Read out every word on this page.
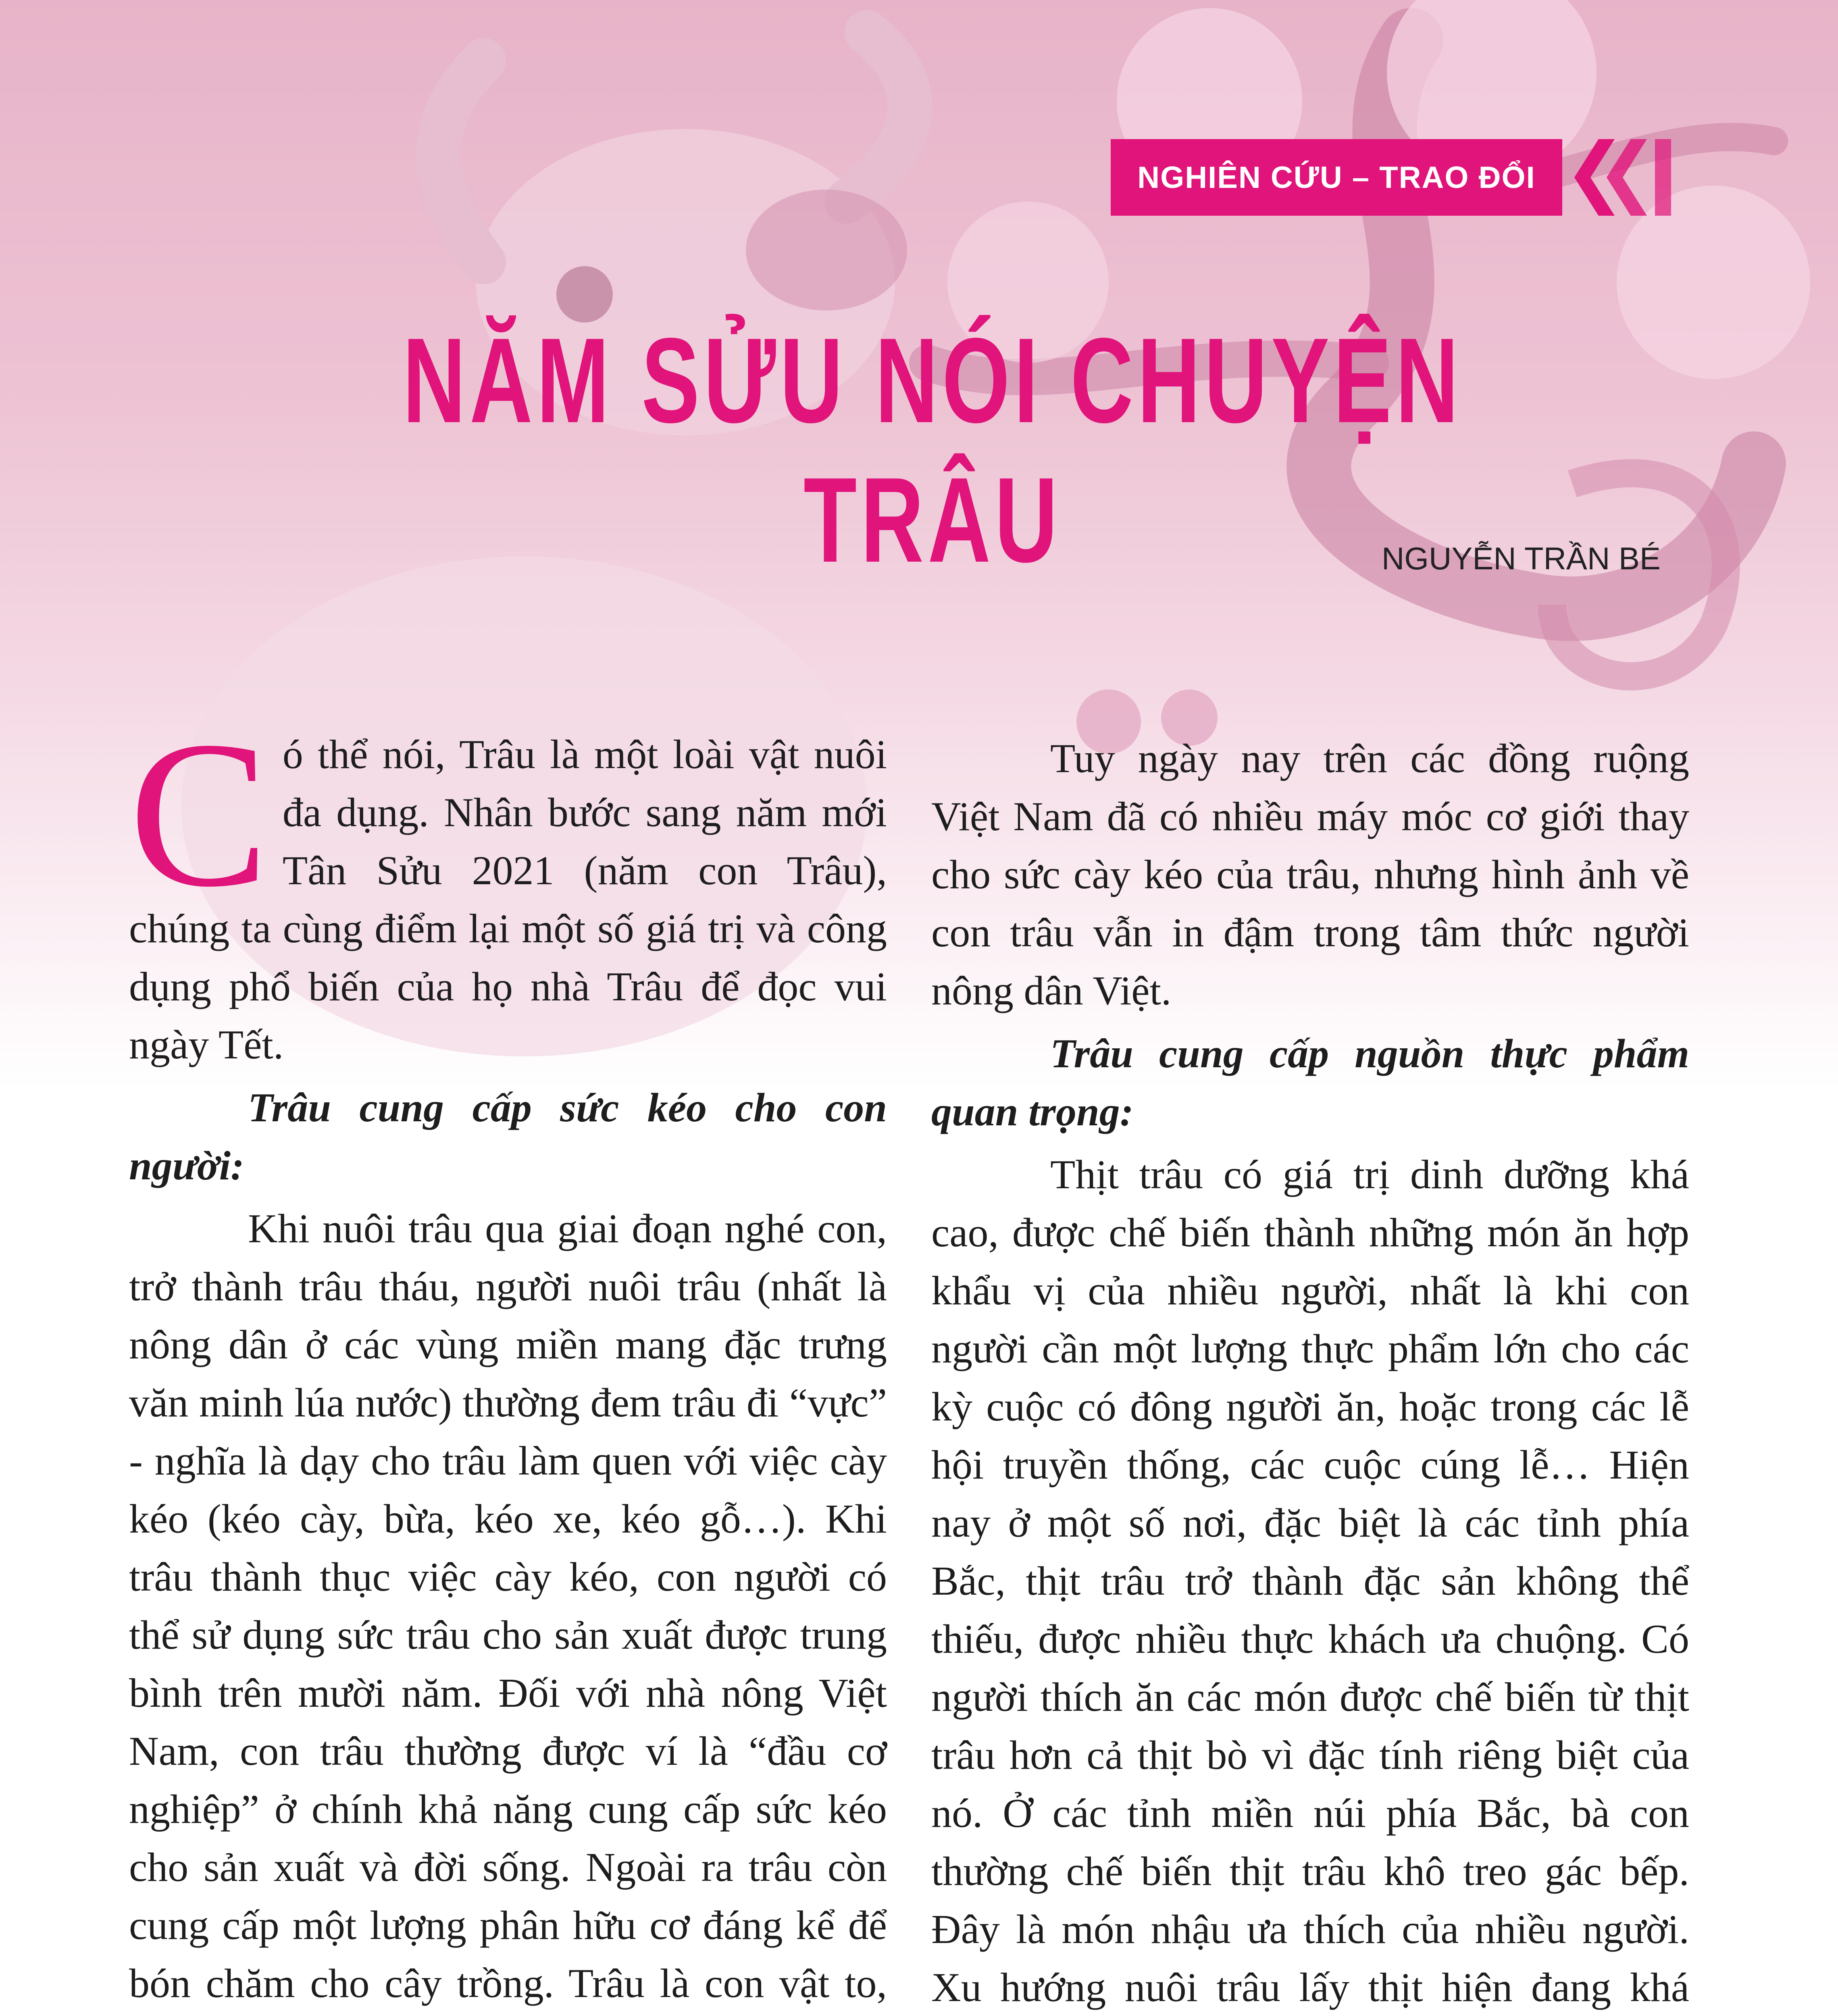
NGHIÊN CỨU – TRAO ĐỔI
NĂM SỬU NÓI CHUYỆN TRÂU	NGUYỄN TRẦN BÉ

Có thể nói, Trâu là một loài vật nuôi đa dụng. Nhân bước sang năm mới Tân Sửu 2021 (năm con Trâu), chúng ta cùng điểm lại một số giá trị và công dụng phổ biến của họ nhà Trâu để đọc vui ngày Tết.

Trâu cung cấp sức kéo cho con người:

Khi nuôi trâu qua giai đoạn nghé con, trở thành trâu tháu, người nuôi trâu (nhất là nông dân ở các vùng miền mang đặc trưng văn minh lúa nước) thường đem trâu đi “vực” - nghĩa là dạy cho trâu làm quen với việc cày kéo (kéo cày, bừa, kéo xe, kéo gỗ…). Khi trâu thành thục việc cày kéo, con người có thể sử dụng sức trâu cho sản xuất được trung bình trên mười năm. Đối với nhà nông Việt Nam, con trâu thường được ví là “đầu cơ nghiệp” ở chính khả năng cung cấp sức kéo cho sản xuất và đời sống. Ngoài ra trâu còn cung cấp một lượng phân hữu cơ đáng kể để bón chăm cho cây trồng. Trâu là con vật to,

Tuy ngày nay trên các đồng ruộng Việt Nam đã có nhiều máy móc cơ giới thay cho sức cày kéo của trâu, nhưng hình ảnh về con trâu vẫn in đậm trong tâm thức người nông dân Việt.

Trâu cung cấp nguồn thực phẩm quan trọng:

Thịt trâu có giá trị dinh dưỡng khá cao, được chế biến thành những món ăn hợp khẩu vị của nhiều người, nhất là khi con người cần một lượng thực phẩm lớn cho các kỳ cuộc có đông người ăn, hoặc trong các lễ hội truyền thống, các cuộc cúng lễ… Hiện nay ở một số nơi, đặc biệt là các tỉnh phía Bắc, thịt trâu trở thành đặc sản không thể thiếu, được nhiều thực khách ưa chuộng. Có người thích ăn các món được chế biến từ thịt trâu hơn cả thịt bò vì đặc tính riêng biệt của nó. Ở các tỉnh miền núi phía Bắc, bà con thường chế biến thịt trâu khô treo gác bếp. Đây là món nhậu ưa thích của nhiều người. Xu hướng nuôi trâu lấy thịt hiện đang khá
